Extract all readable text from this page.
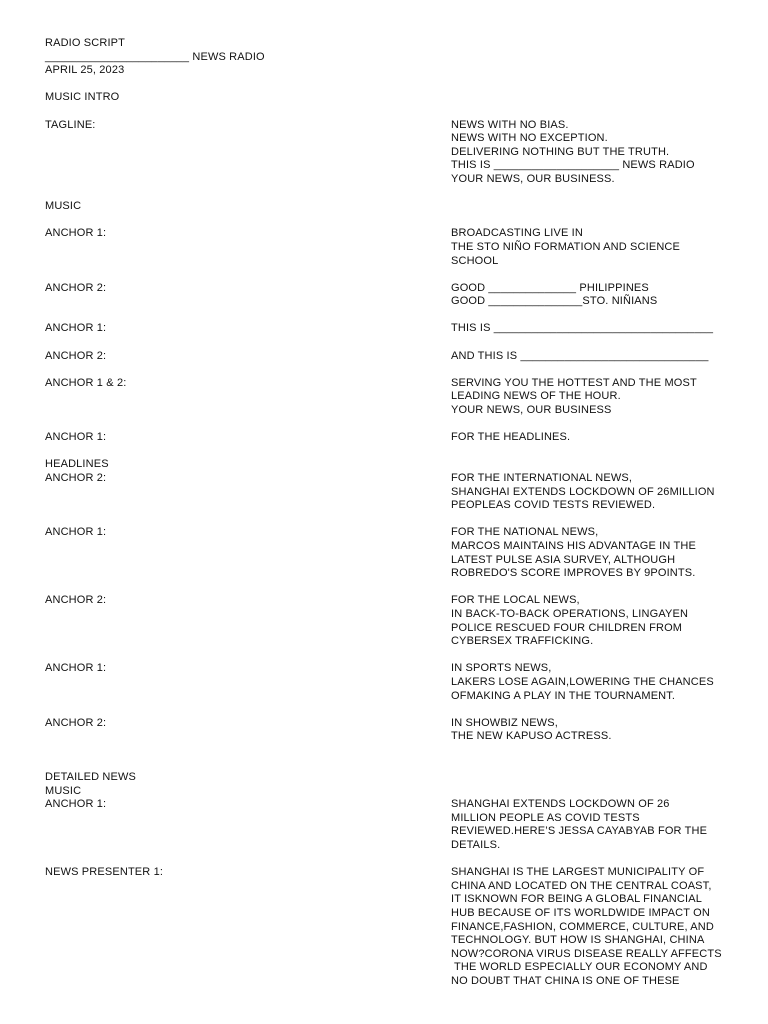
RADIO SCRIPT
_______________________ NEWS RADIO
APRIL 25, 2023
MUSIC INTRO
TAGLINE:	NEWS WITH NO BIAS.
NEWS WITH NO EXCEPTION.
DELIVERING NOTHING BUT THE TRUTH.
THIS IS ____________________ NEWS RADIO
YOUR NEWS, OUR BUSINESS.
MUSIC
ANCHOR 1:	BROADCASTING LIVE IN
THE STO NIÑO FORMATION AND SCIENCE
SCHOOL
ANCHOR 2:	GOOD ______________ PHILIPPINES
GOOD _______________STO. NIÑIANS
ANCHOR 1:	THIS IS ___________________________________
ANCHOR 2:	AND THIS IS ______________________________
ANCHOR 1 & 2:	SERVING YOU THE HOTTEST AND THE MOST
LEADING NEWS OF THE HOUR.
YOUR NEWS, OUR BUSINESS
ANCHOR 1:	FOR THE HEADLINES.
HEADLINES
ANCHOR 2:	FOR THE INTERNATIONAL NEWS,
SHANGHAI EXTENDS LOCKDOWN OF 26MILLION
PEOPLEAS COVID TESTS REVIEWED.
ANCHOR 1:	FOR THE NATIONAL NEWS,
MARCOS MAINTAINS HIS ADVANTAGE IN THE
LATEST PULSE ASIA SURVEY, ALTHOUGH
ROBREDO'S SCORE IMPROVES BY 9POINTS.
ANCHOR 2:	FOR THE LOCAL NEWS,
IN BACK-TO-BACK OPERATIONS, LINGAYEN
POLICE RESCUED FOUR CHILDREN FROM
CYBERSEX TRAFFICKING.
ANCHOR 1:	IN SPORTS NEWS,
LAKERS LOSE AGAIN,LOWERING THE CHANCES
OFMAKING A PLAY IN THE TOURNAMENT.
ANCHOR 2:	IN SHOWBIZ NEWS,
THE NEW KAPUSO ACTRESS.

DETAILED NEWS
MUSIC
ANCHOR 1:	SHANGHAI EXTENDS LOCKDOWN OF 26
MILLION PEOPLE AS COVID TESTS
REVIEWED.HERE’S JESSA CAYABYAB FOR THE
DETAILS.
NEWS PRESENTER 1:	SHANGHAI IS THE LARGEST MUNICIPALITY OF
CHINA AND LOCATED ON THE CENTRAL COAST,
IT ISKNOWN FOR BEING A GLOBAL FINANCIAL
HUB BECAUSE OF ITS WORLDWIDE IMPACT ON
FINANCE,FASHION, COMMERCE, CULTURE, AND
TECHNOLOGY. BUT HOW IS SHANGHAI, CHINA
NOW?CORONA VIRUS DISEASE REALLY AFFECTS
THE WORLD ESPECIALLY OUR ECONOMY AND
NO DOUBT THAT CHINA IS ONE OF THESE
